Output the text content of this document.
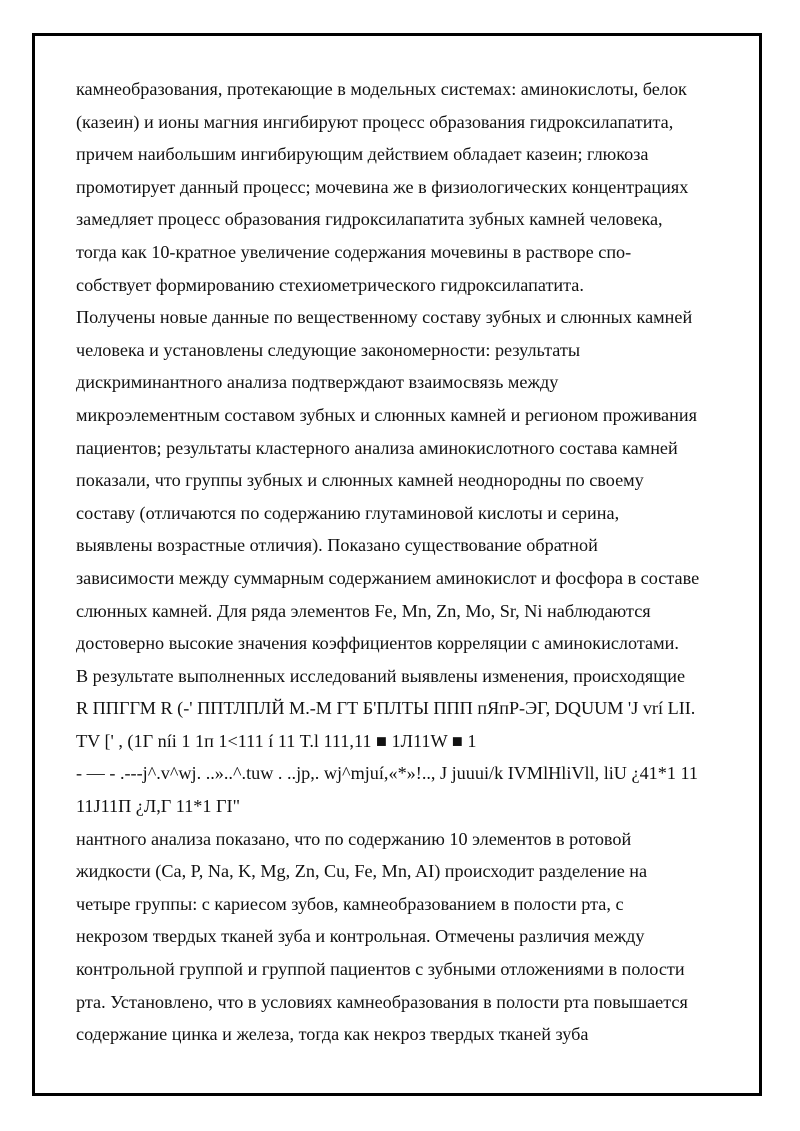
камнеобразования, протекающие в модельных системах: аминокислоты, белок
(казеин) и ионы магния ингибируют процесс образования гидроксилапатита,
причем наибольшим ингибирующим действием обладает казеин; глюкоза
промотирует данный процесс; мочевина же в физиологических концентрациях
замедляет процесс образования гидроксилапатита зубных камней человека,
тогда как 10-кратное увеличение содержания мочевины в растворе спо-
собствует формированию стехиометрического гидроксилапатита.
Получены новые данные по вещественному составу зубных и слюнных камней
человека и установлены следующие закономерности: результаты
дискриминантного анализа подтверждают взаимосвязь между
микроэлементным составом зубных и слюнных камней и регионом проживания
пациентов; результаты кластерного анализа аминокислотного состава камней
показали, что группы зубных и слюнных камней неоднородны по своему
составу (отличаются по содержанию глутаминовой кислоты и серина,
выявлены возрастные отличия). Показано существование обратной
зависимости между суммарным содержанием аминокислот и фосфора в составе
слюнных камней. Для ряда элементов Fe, Mn, Zn, Mo, Sr, Ni наблюдаются
достоверно высокие значения коэффициентов корреляции с аминокислотами.
В результате выполненных исследований выявлены изменения, происходящие
R ППГГМ R (-' ППТЛПЛЙ М.-М ГТ Б'ПЛТЫ ППП пЯпР-ЭГ, DQUUM 'J vrí LII.
TV [' , (1Г níi 1 1п 1<111 í 11 T.l 111,11 ■ 1Л11W ■ 1
- — - .---j^.v^wj. ..»..^.tuw . ..jp,. wj^mjuí,«*»!.., J juuui/k IVMlHliVll, liU ¿41*1 11
11J11П ¿Л,Г 11*1 ГI"
нантного анализа показано, что по содержанию 10 элементов в ротовой
жидкости (Ca, P, Na, K, Mg, Zn, Cu, Fe, Mn, AI) происходит разделение на
четыре группы: с кариесом зубов, камнеобразованием в полости рта, с
некрозом твердых тканей зуба и контрольная. Отмечены различия между
контрольной группой и группой пациентов с зубными отложениями в полости
рта. Установлено, что в условиях камнеобразования в полости рта повышается
содержание цинка и железа, тогда как некроз твердых тканей зуба
